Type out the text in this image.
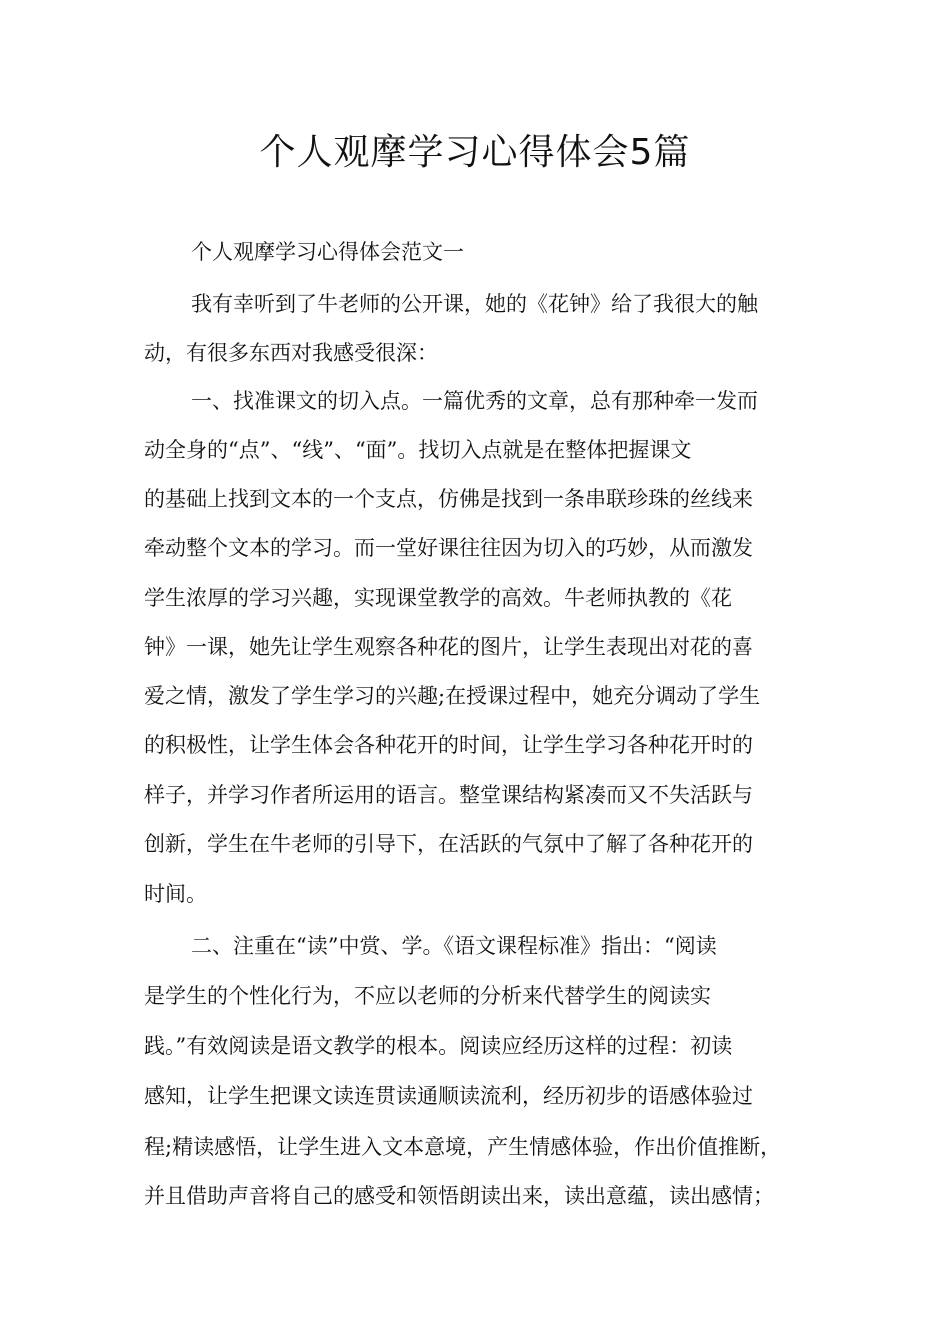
个人观摩学习心得体会5篇

个人观摩学习心得体会范文一

我有幸听到了牛老师的公开课，她的《花钟》给了我很大的触

动，有很多东西对我感受很深：

一、找准课文的切入点。一篇优秀的文章，总有那种牵一发而

动全身的“点”、“线”、“面”。找切入点就是在整体把握课文

的基础上找到文本的一个支点，仿佛是找到一条串联珍珠的丝线来

牵动整个文本的学习。而一堂好课往往因为切入的巧妙，从而激发

学生浓厚的学习兴趣，实现课堂教学的高效。牛老师执教的《花

钟》一课，她先让学生观察各种花的图片，让学生表现出对花的喜

爱之情，激发了学生学习的兴趣;在授课过程中，她充分调动了学生

的积极性，让学生体会各种花开的时间，让学生学习各种花开时的

样子，并学习作者所运用的语言。整堂课结构紧凑而又不失活跃与

创新，学生在牛老师的引导下，在活跃的气氛中了解了各种花开的

时间。

二、注重在“读”中赏、学。《语文课程标准》指出：“阅读

是学生的个性化行为，不应以老师的分析来代替学生的阅读实

践。”有效阅读是语文教学的根本。阅读应经历这样的过程：初读

感知，让学生把课文读连贯读通顺读流利，经历初步的语感体验过

程;精读感悟，让学生进入文本意境，产生情感体验，作出价值推断，

并且借助声音将自己的感受和领悟朗读出来，读出意蕴，读出感情；
